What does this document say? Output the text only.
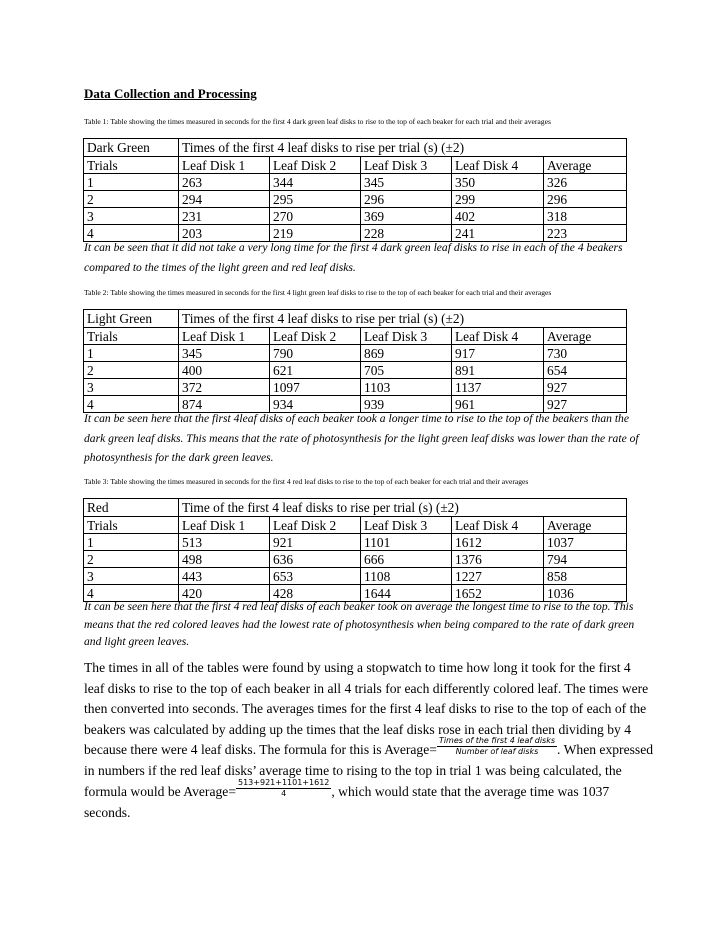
Data Collection and Processing
Table 1: Table showing the times measured in seconds for the first 4 dark green leaf disks to rise to the top of each beaker for each trial and their averages
Dark Green	Times of the first 4 leaf disks to rise per trial (s) (±2)				
Trials	Leaf Disk 1	Leaf Disk 2	Leaf Disk 3	Leaf Disk 4	Average
1	263	344	345	350	326
2	294	295	296	299	296
3	231	270	369	402	318
4	203	219	228	241	223
It can be seen that it did not take a very long time for the first 4 dark green leaf disks to rise in each of the 4 beakers compared to the times of the light green and red leaf disks.
Table 2: Table showing the times measured in seconds for the first 4 light green leaf disks to rise to the top of each beaker for each trial and their averages
Light Green	Times of the first 4 leaf disks to rise per trial (s) (±2)				
Trials	Leaf Disk 1	Leaf Disk 2	Leaf Disk 3	Leaf Disk 4	Average
1	345	790	869	917	730
2	400	621	705	891	654
3	372	1097	1103	1137	927
4	874	934	939	961	927
It can be seen here that the first 4leaf disks of each beaker took a longer time to rise to the top of the beakers than the dark green leaf disks. This means that the rate of photosynthesis for the light green leaf disks was lower than the rate of photosynthesis for the dark green leaves.
Table 3: Table showing the times measured in seconds for the first 4 red leaf disks to rise to the top of each beaker for each trial and their averages
Red	Time of the first 4 leaf disks to rise per trial (s) (±2)				
Trials	Leaf Disk 1	Leaf Disk 2	Leaf Disk 3	Leaf Disk 4	Average
1	513	921	1101	1612	1037
2	498	636	666	1376	794
3	443	653	1108	1227	858
4	420	428	1644	1652	1036
It can be seen here that the first 4 red leaf disks of each beaker took on average the longest time to rise to the top. This means that the red colored leaves had the lowest rate of photosynthesis when being compared to the rate of dark green and light green leaves.
The times in all of the tables were found by using a stopwatch to time how long it took for the first 4 leaf disks to rise to the top of each beaker in all 4 trials for each differently colored leaf. The times were then converted into seconds. The averages times for the first 4 leaf disks to rise to the top of each of the beakers was calculated by adding up the times that the leaf disks rose in each trial then dividing by 4 because there were 4 leaf disks. The formula for this is Average= $\frac{\text{Times of the first 4 leaf disks}}{\text{Number of leaf disks}}$ . When expressed in numbers if the red leaf disks’ average time to rising to the top in trial 1 was being calculated, the formula would be Average= $\frac{513+921+1101+1612}{4}$ , which would state that the average time was 1037 seconds.
